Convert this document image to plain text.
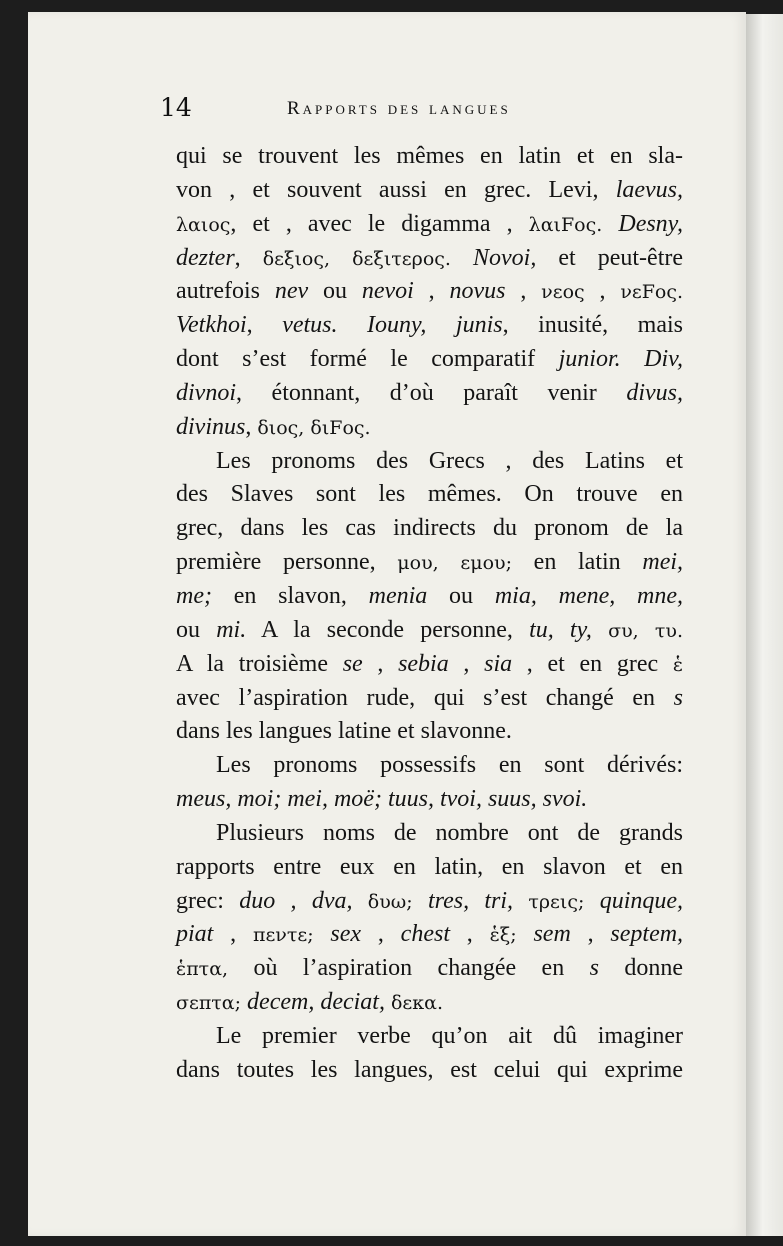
14	Rapports des langues
qui se trouvent les mêmes en latin et en sla-
von , et souvent aussi en grec. Levi, laevus,
λαιος, et , avec le digamma , λαιFος. Desny,
dezter, δεξιος, δεξιτερος. Novoi, et peut-être
autrefois nev ou nevoi , novus , νεος , νεFος.
Vetkhoi, vetus. Iouny, junis, inusité, mais
dont s’est formé le comparatif junior. Div,
divnoi, étonnant, d’où paraît venir divus,
divinus, διος, διFος.
Les pronoms des Grecs , des Latins et
des Slaves sont les mêmes. On trouve en
grec, dans les cas indirects du pronom de la
première personne, μου, εμου; en latin mei,
me; en slavon, menia ou mia, mene, mne,
ou mi. A la seconde personne, tu, ty, συ, τυ.
A la troisième se , sebia , sia , et en grec ἑ
avec l’aspiration rude, qui s’est changé en s
dans les langues latine et slavonne.
Les pronoms possessifs en sont dérivés:
meus, moi; mei, moë; tuus, tvoi, suus, svoi.
Plusieurs noms de nombre ont de grands
rapports entre eux en latin, en slavon et en
grec: duo , dva, δυω; tres, tri, τρεις; quinque,
piat , πεντε; sex , chest , ἑξ; sem , septem,
ἑπτα, où l’aspiration changée en s donne
σεπτα; decem, deciat, δεκα.
Le premier verbe qu’on ait dû imaginer
dans toutes les langues, est celui qui exprime
